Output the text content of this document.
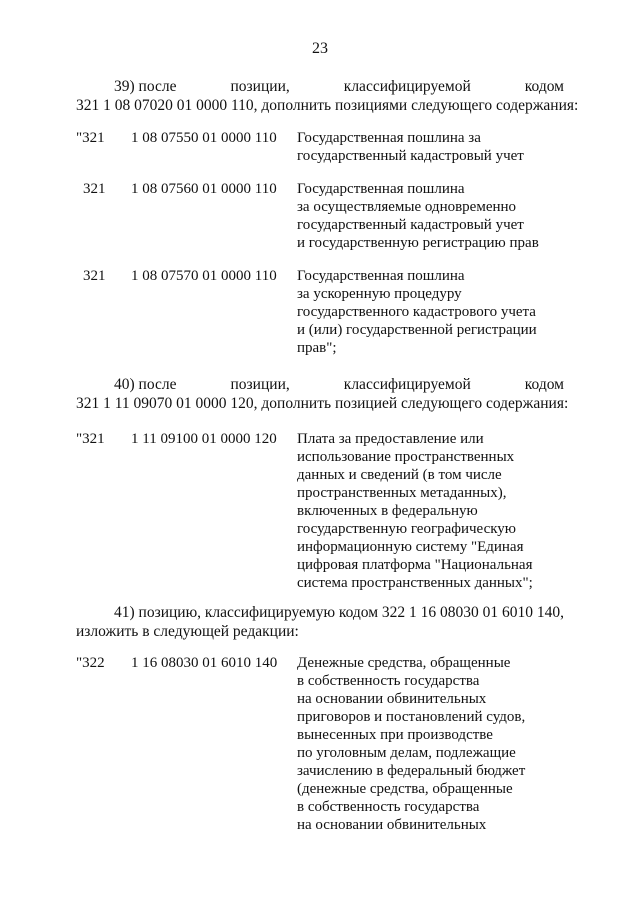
23
39) после	позиции,	классифицируемой	кодом
321 1 08 07020 01 0000 110, дополнить позициями следующего содержания:
"321 1 08 07550 01 0000 110 Государственная пошлина за
государственный кадастровый учет
321 1 08 07560 01 0000 110 Государственная пошлина
за осуществляемые одновременно
государственный кадастровый учет
и государственную регистрацию прав
321 1 08 07570 01 0000 110 Государственная пошлина
за ускоренную процедуру
государственного кадастрового учета
и (или) государственной регистрации
прав";
40) после	позиции,	классифицируемой	кодом
321 1 11 09070 01 0000 120, дополнить позицией следующего содержания:
"321 1 11 09100 01 0000 120 Плата за предоставление или
использование пространственных
данных и сведений (в том числе
пространственных метаданных),
включенных в федеральную
государственную географическую
информационную систему "Единая
цифровая платформа "Национальная
система пространственных данных";
41) позицию, классифицируемую кодом 322 1 16 08030 01 6010 140,
изложить в следующей редакции:
"322 1 16 08030 01 6010 140 Денежные средства, обращенные
в собственность государства
на основании обвинительных
приговоров и постановлений судов,
вынесенных при производстве
по уголовным делам, подлежащие
зачислению в федеральный бюджет
(денежные средства, обращенные
в собственность государства
на основании обвинительных
